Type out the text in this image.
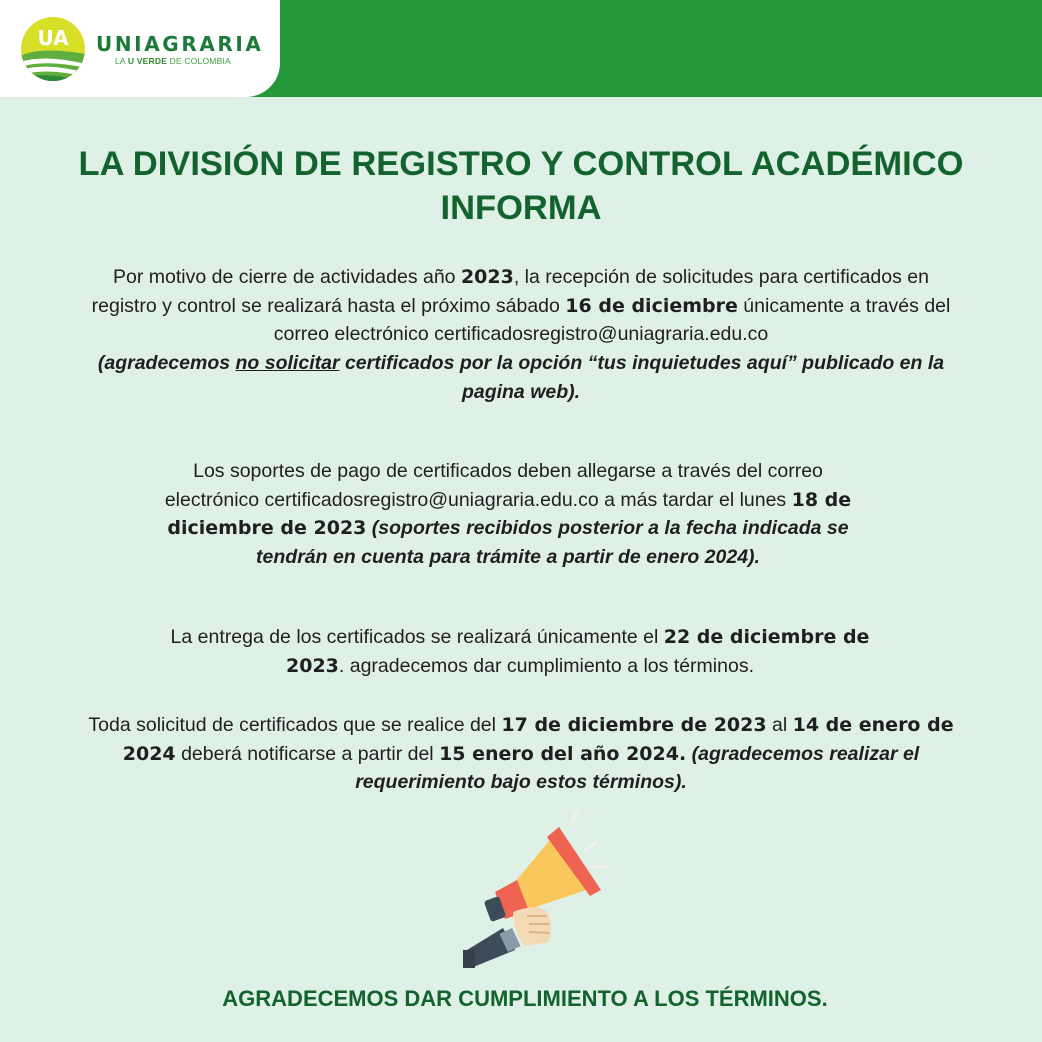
UA UNIAGRARIA
LA U VERDE DE COLOMBIA
LA DIVISIÓN DE REGISTRO Y CONTROL ACADÉMICO
INFORMA
Por motivo de cierre de actividades año 2023, la recepción de solicitudes para certificados en registro y control se realizará hasta el próximo sábado 16 de diciembre únicamente a través del correo electrónico certificadosregistro@uniagraria.edu.co
(agradecemos no solicitar certificados por la opción “tus inquietudes aquí” publicado en la pagina web).
Los soportes de pago de certificados deben allegarse a través del correo electrónico certificadosregistro@uniagraria.edu.co a más tardar el lunes 18 de diciembre de 2023 (soportes recibidos posterior a la fecha indicada se tendrán en cuenta para trámite a partir de enero 2024).
La entrega de los certificados se realizará únicamente el 22 de diciembre de 2023. agradecemos dar cumplimiento a los términos.
Toda solicitud de certificados que se realice del 17 de diciembre de 2023 al 14 de enero de 2024 deberá notificarse a partir del 15 enero del año 2024. (agradecemos realizar el requerimiento bajo estos términos).
AGRADECEMOS DAR CUMPLIMIENTO A LOS TÉRMINOS.
